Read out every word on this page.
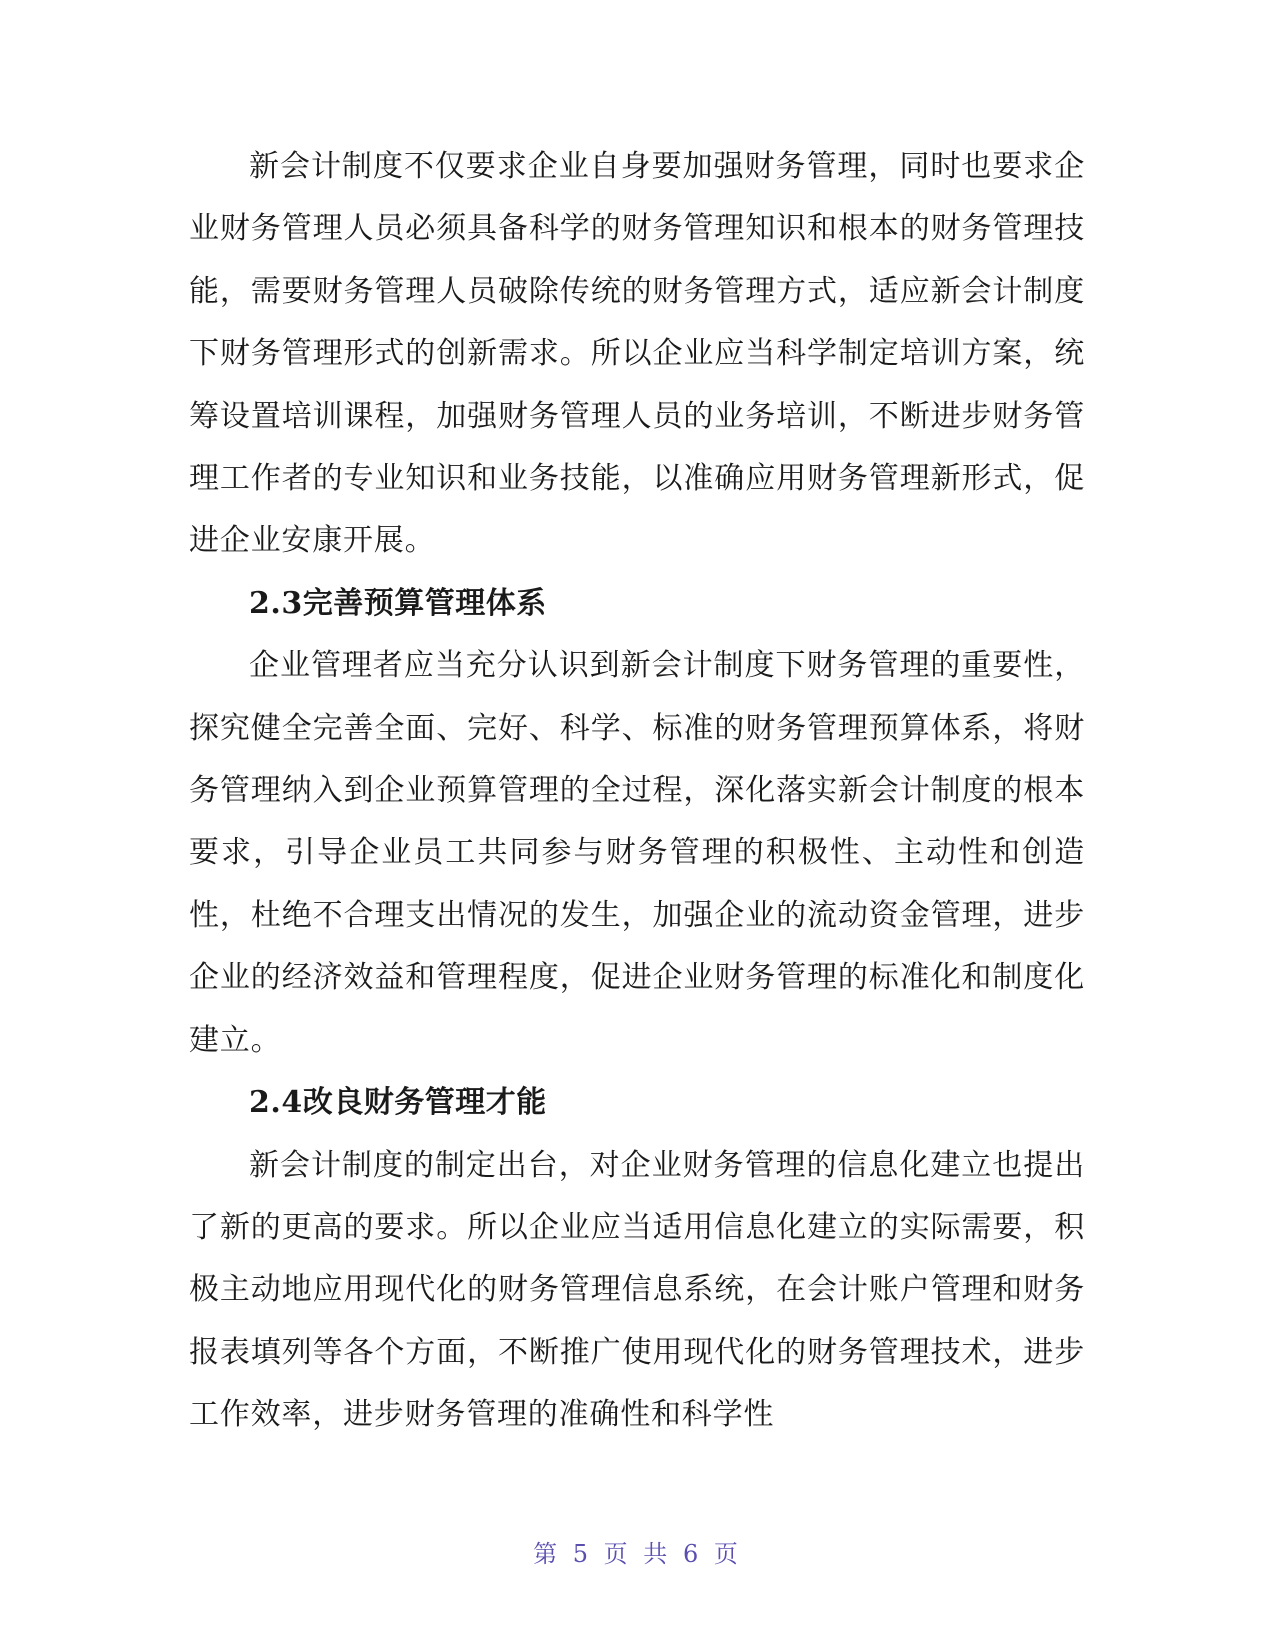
新会计制度不仅要求企业自身要加强财务管理，同时也要求企业财务管理人员必须具备科学的财务管理知识和根本的财务管理技能，需要财务管理人员破除传统的财务管理方式，适应新会计制度下财务管理形式的创新需求。所以企业应当科学制定培训方案，统筹设置培训课程，加强财务管理人员的业务培训，不断进步财务管理工作者的专业知识和业务技能，以准确应用财务管理新形式，促进企业安康开展。

2.3完善预算管理体系

企业管理者应当充分认识到新会计制度下财务管理的重要性，探究健全完善全面、完好、科学、标准的财务管理预算体系，将财务管理纳入到企业预算管理的全过程，深化落实新会计制度的根本要求，引导企业员工共同参与财务管理的积极性、主动性和创造性，杜绝不合理支出情况的发生，加强企业的流动资金管理，进步企业的经济效益和管理程度，促进企业财务管理的标准化和制度化建立。

2.4改良财务管理才能

新会计制度的制定出台，对企业财务管理的信息化建立也提出了新的更高的要求。所以企业应当适用信息化建立的实际需要，积极主动地应用现代化的财务管理信息系统，在会计账户管理和财务报表填列等各个方面，不断推广使用现代化的财务管理技术，进步工作效率，进步财务管理的准确性和科学性

第 5 页 共 6 页
